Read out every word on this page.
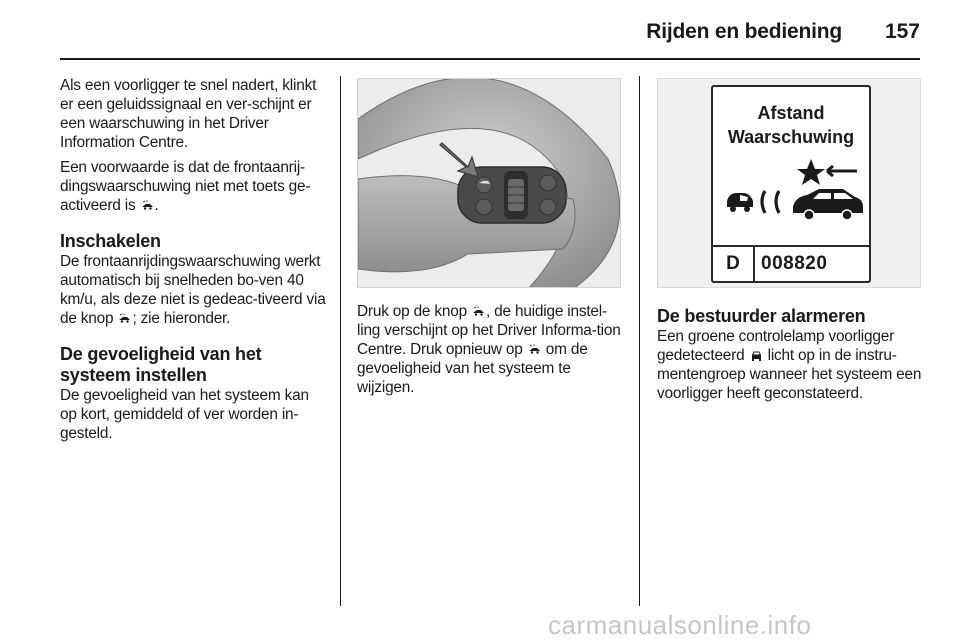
Rijden en bediening 157

Als een voorligger te snel nadert, klinkt er een geluidssignaal en ver-schijnt er een waarschuwing in het Driver Information Centre.

Een voorwaarde is dat de frontaanrij-dingswaarschuwing niet met toets ge-activeerd is .

Inschakelen

De frontaanrijdingswaarschuwing werkt automatisch bij snelheden bo-ven 40 km/u, als deze niet is gedeac-tiveerd via de knop ; zie hieronder.

De gevoeligheid van het systeem instellen

De gevoeligheid van het systeem kan op kort, gemiddeld of ver worden in-gesteld.

Druk op de knop , de huidige instel-ling verschijnt op het Driver Informa-tion Centre. Druk opnieuw op  om de gevoeligheid van het systeem te wijzigen.

Afstand
Waarschuwing
D	008820
De bestuurder alarmeren

Een groene controlelamp voorligger gedetecteerd  licht op in de instru-mentengroep wanneer het systeem een voorligger heeft geconstateerd.

carmanualsonline.info
